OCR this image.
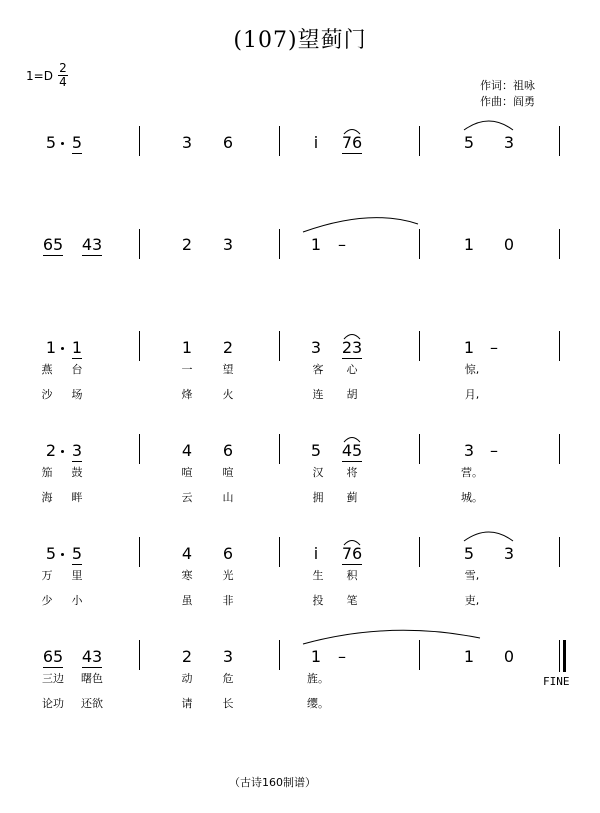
(107)望蓟门
1=D
2
4	作词：祖咏
作曲：阎勇
5 5	3	6	i	76	5	3
65	43	2	3	1	–	1	0
1 1	1	2	3	23	1 –
燕	台	一	望	客	心	惊,
沙	场	烽	火	连	胡	月,
2 3	4	6	5	45	3 –
笳	鼓	喧	喧	汉	将	营。
海	畔	云	山	拥	蓟	城。
5 5	4	6	i	76	5	3
万	里	寒	光	生	积	雪,
少	小	虽	非	投	笔	吏,
65	43	2	3	1	–	1	0
FINE
三边	曙色	动	危	旌。
论功	还欲	请	长	缨。
（古诗160制谱）
